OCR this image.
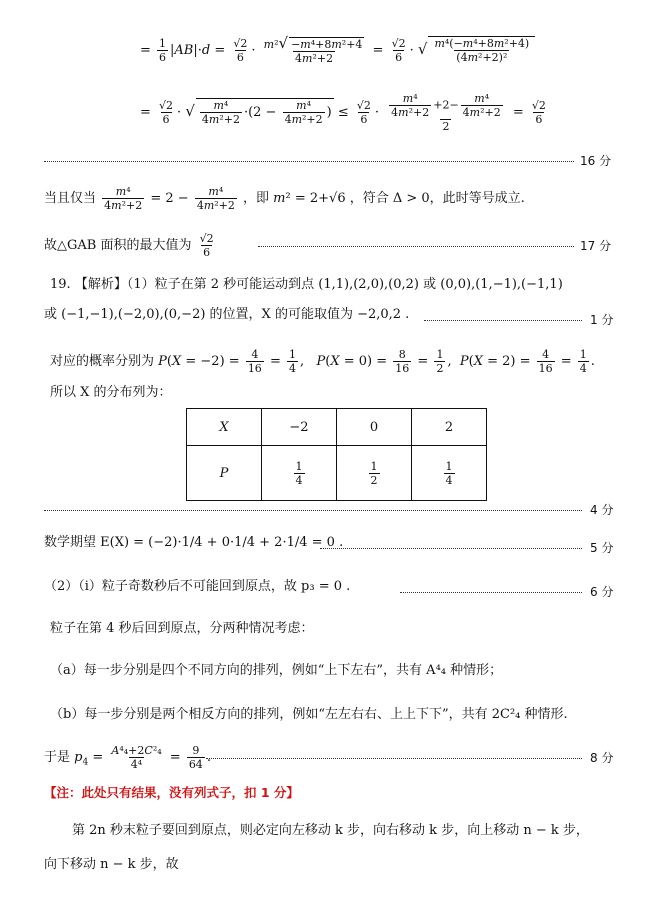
= $\frac{1}{6} |AB|\cdot d = \frac{√2}{6} \cdot \frac{\text{m²√ −m⁴+8m²+4}}{\text{4m²+2}} = \frac{√2}{6}$ · √ $\frac{\text{m⁴(−m⁴+8m²+4)}}{\text{(4m²+2)²}}$
= $\frac{√2}{6}$ · √ $\frac{\text{m⁴}}{\text{4m²+2}} \cdot(2 - \frac{\text{m⁴}}{\text{4m²+2}}$ ) ≤ $\frac{√2}{6} \cdot \frac{\frac{\text{m⁴}}{\text{4m²+2}} +2- \frac{\text{m⁴}}{\text{4m²+2}}}{2} = \frac{√2}{6}$
16 分
当且仅当 $\frac{\text{m⁴}}{\text{4m²+2}} = 2 - \frac{\text{m⁴}}{\text{4m²+2}}$ ，即 m² = 2+√6 ，符合 Δ > 0，此时等号成立.
故△GAB 面积的最大值为 $\frac{√2}{6}$	17 分
19. 【解析】（1）粒子在第 2 秒可能运动到点 (1,1),(2,0),(0,2) 或 (0,0),(1,−1),(−1,1)
或 (−1,−1),(−2,0),(0,−2) 的位置，X 的可能取值为 −2,0,2 .	1 分
对应的概率分别为 $P(X = -2) = \frac{4}{16} = \frac{1}{4}$ ,   $P(X = 0) = \frac{8}{16} = \frac{1}{2}$ ,  $P(X = 2) = \frac{4}{16} = \frac{1}{4}$ .
所以 X 的分布列为：
X	−2	0	2
P	$\frac{1}{4}$	$\frac{1}{2}$	$\frac{1}{4}$
4 分
数学期望 E(X) = (−2)·1/4 + 0·1/4 + 2·1/4 = 0 .	5 分
（2）（i）粒子奇数秒后不可能回到原点，故 p₃ = 0 .	6 分
粒子在第 4 秒后回到原点，分两种情况考虑：
（a）每一步分别是四个不同方向的排列，例如“上下左右”，共有 A⁴₄ 种情形；
（b）每一步分别是两个相反方向的排列，例如“左左右右、上上下下”，共有 2C²₄ 种情形.
于是 $p_4 = \frac{\text{A⁴₄+2C²₄}}{\text{4⁴}} = \frac{9}{64}$ .	8 分
【注：此处只有结果，没有列式子，扣 1 分】
第 2n 秒末粒子要回到原点，则必定向左移动 k 步，向右移动 k 步，向上移动 n − k 步，
向下移动 n − k 步，故
